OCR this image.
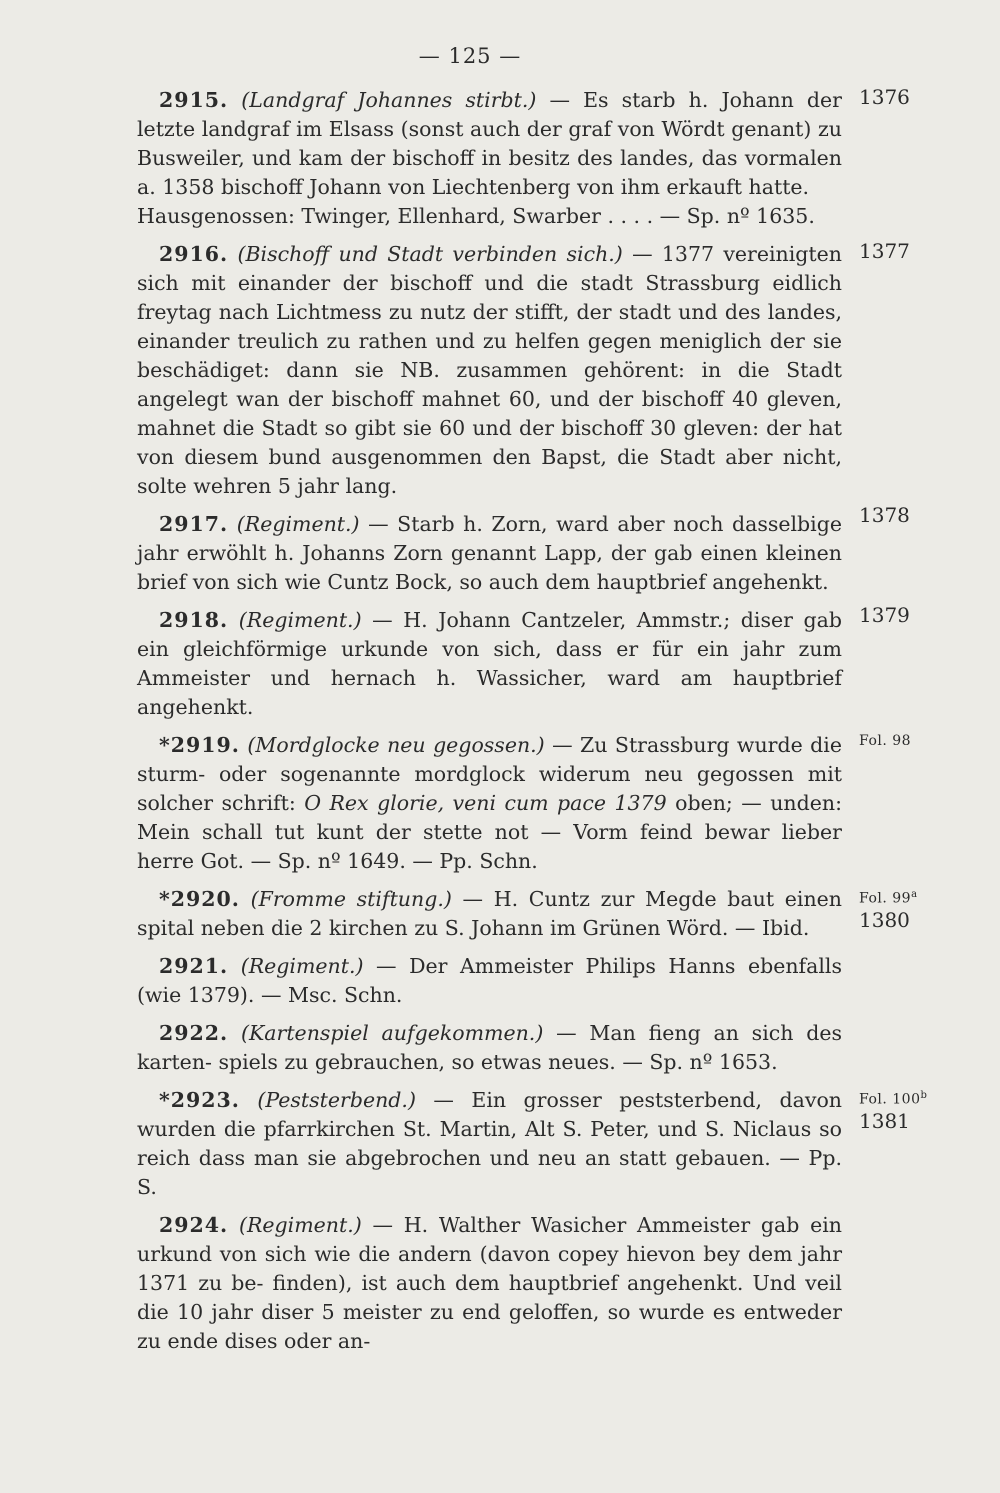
— 125 —

1376
2915. (Landgraf Johannes stirbt.) — Es starb h. Johann der letzte landgraf im Elsass (sonst auch der graf von Wördt genant) zu Busweiler, und kam der bischoff in besitz des landes, das vormalen a. 1358 bischoff Johann von Liechtenberg von ihm erkauft hatte.
Hausgenossen: Twinger, Ellenhard, Swarber . . . . — Sp. nº 1635.

1377
2916. (Bischoff und Stadt verbinden sich.) — 1377 vereinigten sich mit einander der bischoff und die stadt Strassburg eidlich freytag nach Lichtmess zu nutz der stifft, der stadt und des landes, einander treulich zu rathen und zu helfen gegen meniglich der sie beschädiget: dann sie NB. zusammen gehörent: in die Stadt angelegt wan der bischoff mahnet 60, und der bischoff 40 gleven, mahnet die Stadt so gibt sie 60 und der bischoff 30 gleven: der hat von diesem bund ausgenommen den Bapst, die Stadt aber nicht, solte wehren 5 jahr lang.

1378
2917. (Regiment.) — Starb h. Zorn, ward aber noch dasselbige jahr erwöhlt h. Johanns Zorn genannt Lapp, der gab einen kleinen brief von sich wie Cuntz Bock, so auch dem hauptbrief angehenkt.

1379
2918. (Regiment.) — H. Johann Cantzeler, Ammstr.; diser gab ein gleichförmige urkunde von sich, dass er für ein jahr zum Ammeister und hernach h. Wassicher, ward am hauptbrief angehenkt.

Fol. 98
*2919. (Mordglocke neu gegossen.) — Zu Strassburg wurde die sturm- oder sogenannte mordglock widerum neu gegossen mit solcher schrift: O Rex glorie, veni cum pace 1379 oben; — unden: Mein schall tut kunt der stette not — Vorm feind bewar lieber herre Got. — Sp. nº 1649. — Pp. Schn.

Fol. 99$^a$
1380
*2920. (Fromme stiftung.) — H. Cuntz zur Megde baut einen spital neben die 2 kirchen zu S. Johann im Grünen Wörd. — Ibid.

2921. (Regiment.) — Der Ammeister Philips Hanns ebenfalls (wie 1379). — Msc. Schn.

2922. (Kartenspiel aufgekommen.) — Man fieng an sich des karten- spiels zu gebrauchen, so etwas neues. — Sp. nº 1653.

Fol. 100$^b$
1381
*2923. (Peststerbend.) — Ein grosser peststerbend, davon wurden die pfarrkirchen St. Martin, Alt S. Peter, und S. Niclaus so reich dass man sie abgebrochen und neu an statt gebauen. — Pp. S.

2924. (Regiment.) — H. Walther Wasicher Ammeister gab ein urkund von sich wie die andern (davon copey hievon bey dem jahr 1371 zu be- finden), ist auch dem hauptbrief angehenkt. Und veil die 10 jahr diser 5 meister zu end geloffen, so wurde es entweder zu ende dises oder an-
